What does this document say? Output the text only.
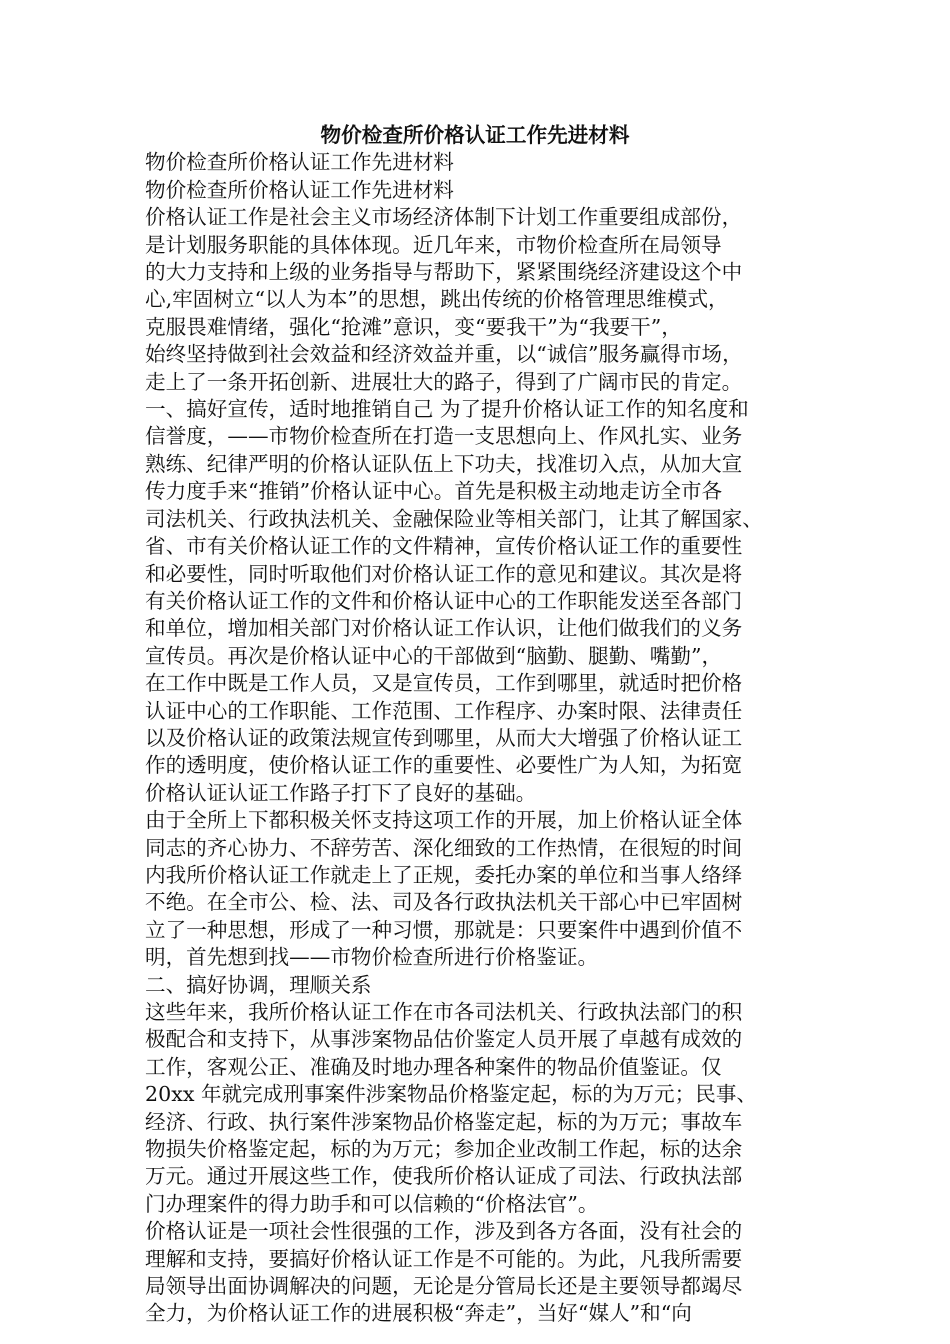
物价检查所价格认证工作先进材料

物价检查所价格认证工作先进材料

物价检查所价格认证工作先进材料

价格认证工作是社会主义市场经济体制下计划工作重要组成部份，

是计划服务职能的具体体现。近几年来，市物价检查所在局领导

的大力支持和上级的业务指导与帮助下，紧紧围绕经济建设这个中

心,牢固树立“以人为本”的思想，跳出传统的价格管理思维模式，

克服畏难情绪，强化“抢滩”意识，变“要我干”为“我要干”，

始终坚持做到社会效益和经济效益并重，以“诚信”服务赢得市场，

走上了一条开拓创新、进展壮大的路子，得到了广阔市民的肯定。

一、搞好宣传，适时地推销自己 为了提升价格认证工作的知名度和

信誉度，——市物价检查所在打造一支思想向上、作风扎实、业务

熟练、纪律严明的价格认证队伍上下功夫，找准切入点，从加大宣

传力度手来“推销”价格认证中心。首先是积极主动地走访全市各

司法机关、行政执法机关、金融保险业等相关部门，让其了解国家、

省、市有关价格认证工作的文件精神，宣传价格认证工作的重要性

和必要性，同时听取他们对价格认证工作的意见和建议。其次是将

有关价格认证工作的文件和价格认证中心的工作职能发送至各部门

和单位，增加相关部门对价格认证工作认识，让他们做我们的义务

宣传员。再次是价格认证中心的干部做到“脑勤、腿勤、嘴勤”，

在工作中既是工作人员，又是宣传员，工作到哪里，就适时把价格

认证中心的工作职能、工作范围、工作程序、办案时限、法律责任

以及价格认证的政策法规宣传到哪里，从而大大增强了价格认证工

作的透明度，使价格认证工作的重要性、必要性广为人知，为拓宽

价格认证认证工作路子打下了良好的基础。

由于全所上下都积极关怀支持这项工作的开展，加上价格认证全体

同志的齐心协力、不辞劳苦、深化细致的工作热情，在很短的时间

内我所价格认证工作就走上了正规，委托办案的单位和当事人络绎

不绝。在全市公、检、法、司及各行政执法机关干部心中已牢固树

立了一种思想，形成了一种习惯，那就是：只要案件中遇到价值不

明，首先想到找——市物价检查所进行价格鉴证。

二、搞好协调，理顺关系

这些年来，我所价格认证工作在市各司法机关、行政执法部门的积

极配合和支持下，从事涉案物品估价鉴定人员开展了卓越有成效的

工作，客观公正、准确及时地办理各种案件的物品价值鉴证。仅

20xx 年就完成刑事案件涉案物品价格鉴定起，标的为万元；民事、

经济、行政、执行案件涉案物品价格鉴定起，标的为万元；事故车

物损失价格鉴定起，标的为万元；参加企业改制工作起，标的达余

万元。通过开展这些工作，使我所价格认证成了司法、行政执法部

门办理案件的得力助手和可以信赖的“价格法官”。

价格认证是一项社会性很强的工作，涉及到各方各面，没有社会的

理解和支持，要搞好价格认证工作是不可能的。为此，凡我所需要

局领导出面协调解决的问题，无论是分管局长还是主要领导都竭尽

全力，为价格认证工作的进展积极“奔走”，当好“媒人”和“向
